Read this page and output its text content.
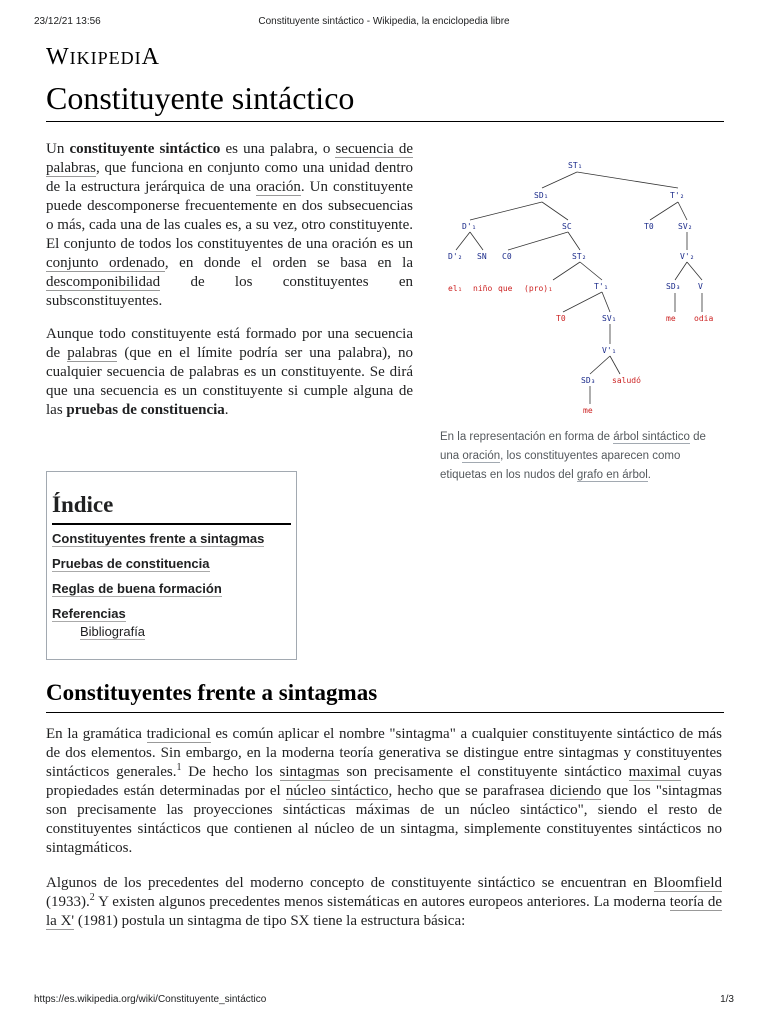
23/12/21 13:56	Constituyente sintáctico - Wikipedia, la enciclopedia libre
WIKIPEDIA
Constituyente sintáctico

Un constituyente sintáctico es una palabra, o secuencia de palabras, que funciona en conjunto como una unidad dentro de la estructura jerárquica de una oración. Un constituyente puede descomponerse frecuentemente en dos subsecuencias o más, cada una de las cuales es, a su vez, otro constituyente. El conjunto de todos los constituyentes de una oración es un conjunto ordenado, en donde el orden se basa en la descomponibilidad de los constituyentes en subsconstituyentes.

Aunque todo constituyente está formado por una secuencia de palabras (que en el límite podría ser una palabra), no cualquier secuencia de palabras es un constituyente. Se dirá que una secuencia es un constituyente si cumple alguna de las pruebas de constituencia.

ST₁
SD₁	T'₂
D'₁	SC	T0	SV₂
D'₂ SN C0	ST₂	V'₂
el₁ niño que (pro)₁	T'₁	SD₃ V
me odia
T0	SV₁
V'₁
SD₃ saludó
me
En la representación en forma de árbol sintáctico de una oración, los constituyentes aparecen como etiquetas en los nudos del grafo en árbol.
Índice
Constituyentes frente a sintagmas
Pruebas de constituencia
Reglas de buena formación
Referencias
Bibliografía
Constituyentes frente a sintagmas

En la gramática tradicional es común aplicar el nombre "sintagma" a cualquier constituyente sintáctico de más de dos elementos. Sin embargo, en la moderna teoría generativa se distingue entre sintagmas y constituyentes sintácticos generales.$^1$ De hecho los sintagmas son precisamente el constituyente sintáctico maximal cuyas propiedades están determinadas por el núcleo sintáctico, hecho que se parafrasea diciendo que los "sintagmas son precisamente las proyecciones sintácticas máximas de un núcleo sintáctico", siendo el resto de constituyentes sintácticos que contienen al núcleo de un sintagma, simplemente constituyentes sintácticos no sintagmáticos.

Algunos de los precedentes del moderno concepto de constituyente sintáctico se encuentran en Bloomfield (1933).$^2$ Y existen algunos precedentes menos sistemáticas en autores europeos anteriores. La moderna teoría de la X' (1981) postula un sintagma de tipo SX tiene la estructura básica:

https://es.wikipedia.org/wiki/Constituyente_sintáctico	1/3
